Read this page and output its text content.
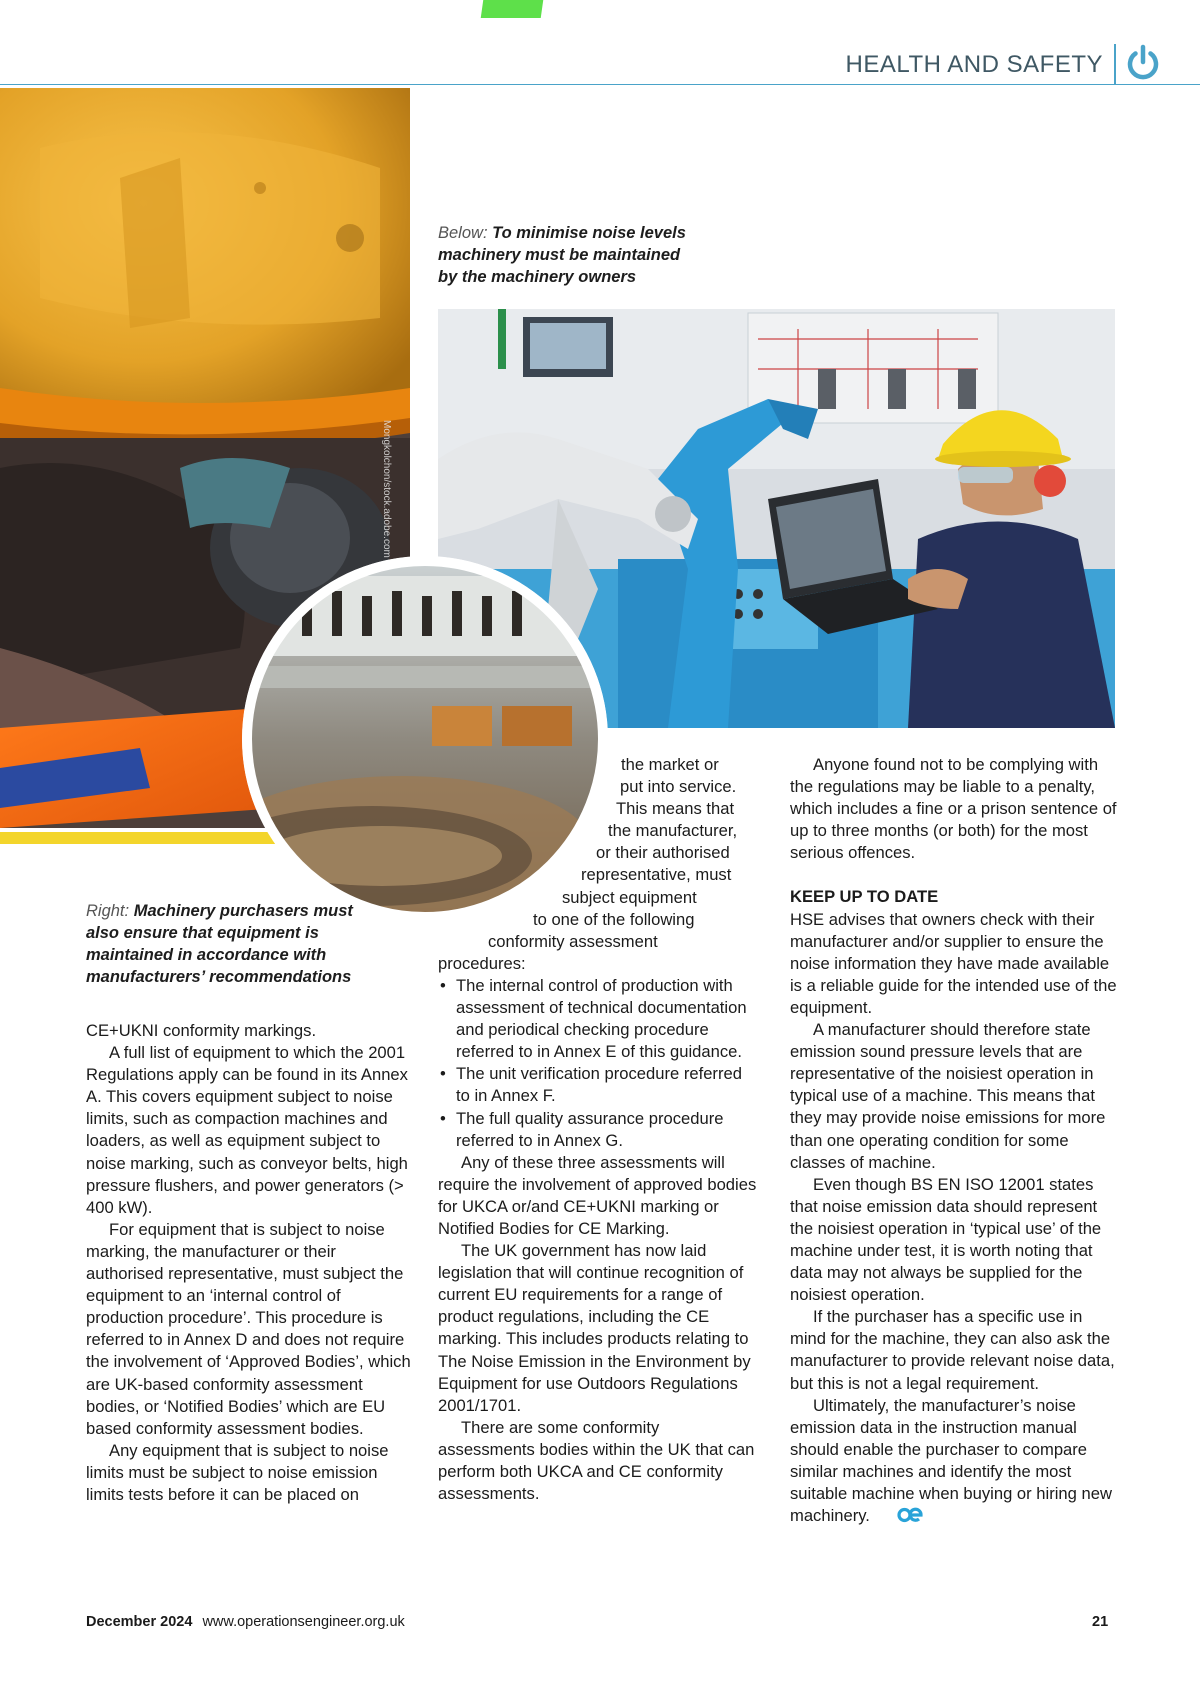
HEALTH AND SAFETY
Mongkolchon/stock.adobe.com
Below: To minimise noise levels machinery must be maintained by the machinery owners
Right: Machinery purchasers must also ensure that equipment is maintained in accordance with manufacturers’ recommendations

CE+UKNI conformity markings.

A full list of equipment to which the 2001 Regulations apply can be found in its Annex A. This covers equipment subject to noise limits, such as compaction machines and loaders, as well as equipment subject to noise marking, such as conveyor belts, high pressure flushers, and power generators (> 400 kW).

For equipment that is subject to noise marking, the manufacturer or their authorised representative, must subject the equipment to an ‘internal control of production procedure’. This procedure is referred to in Annex D and does not require the involvement of ‘Approved Bodies’, which are UK-based conformity assessment bodies, or ‘Notified Bodies’ which are EU based conformity assessment bodies.

Any equipment that is subject to noise limits must be subject to noise emission limits tests before it can be placed on

the market or
put into service.
This means that
the manufacturer,
or their authorised
representative, must
subject equipment
to one of the following
conformity assessment
procedures:
• The internal control of production with assessment of technical documentation and periodical checking procedure referred to in Annex E of this guidance.
• The unit verification procedure referred to in Annex F.
• The full quality assurance procedure referred to in Annex G.

Any of these three assessments will require the involvement of approved bodies for UKCA or/and CE+UKNI marking or Notified Bodies for CE Marking.

The UK government has now laid legislation that will continue recognition of current EU requirements for a range of product regulations, including the CE marking. This includes products relating to The Noise Emission in the Environment by Equipment for use Outdoors Regulations 2001/1701.

There are some conformity assessments bodies within the UK that can perform both UKCA and CE conformity assessments.

Anyone found not to be complying with the regulations may be liable to a penalty, which includes a fine or a prison sentence of up to three months (or both) for the most serious offences.

KEEP UP TO DATE

HSE advises that owners check with their manufacturer and/or supplier to ensure the noise information they have made available is a reliable guide for the intended use of the equipment.

A manufacturer should therefore state emission sound pressure levels that are representative of the noisiest operation in typical use of a machine. This means that they may provide noise emissions for more than one operating condition for some classes of machine.

Even though BS EN ISO 12001 states that noise emission data should represent the noisiest operation in ‘typical use’ of the machine under test, it is worth noting that data may not always be supplied for the noisiest operation.

If the purchaser has a specific use in mind for the machine, they can also ask the manufacturer to provide relevant noise data, but this is not a legal requirement.

Ultimately, the manufacturer’s noise emission data in the instruction manual should enable the purchaser to compare similar machines and identify the most suitable machine when buying or hiring new machinery.

December 2024 www.operationsengineer.org.uk	21
